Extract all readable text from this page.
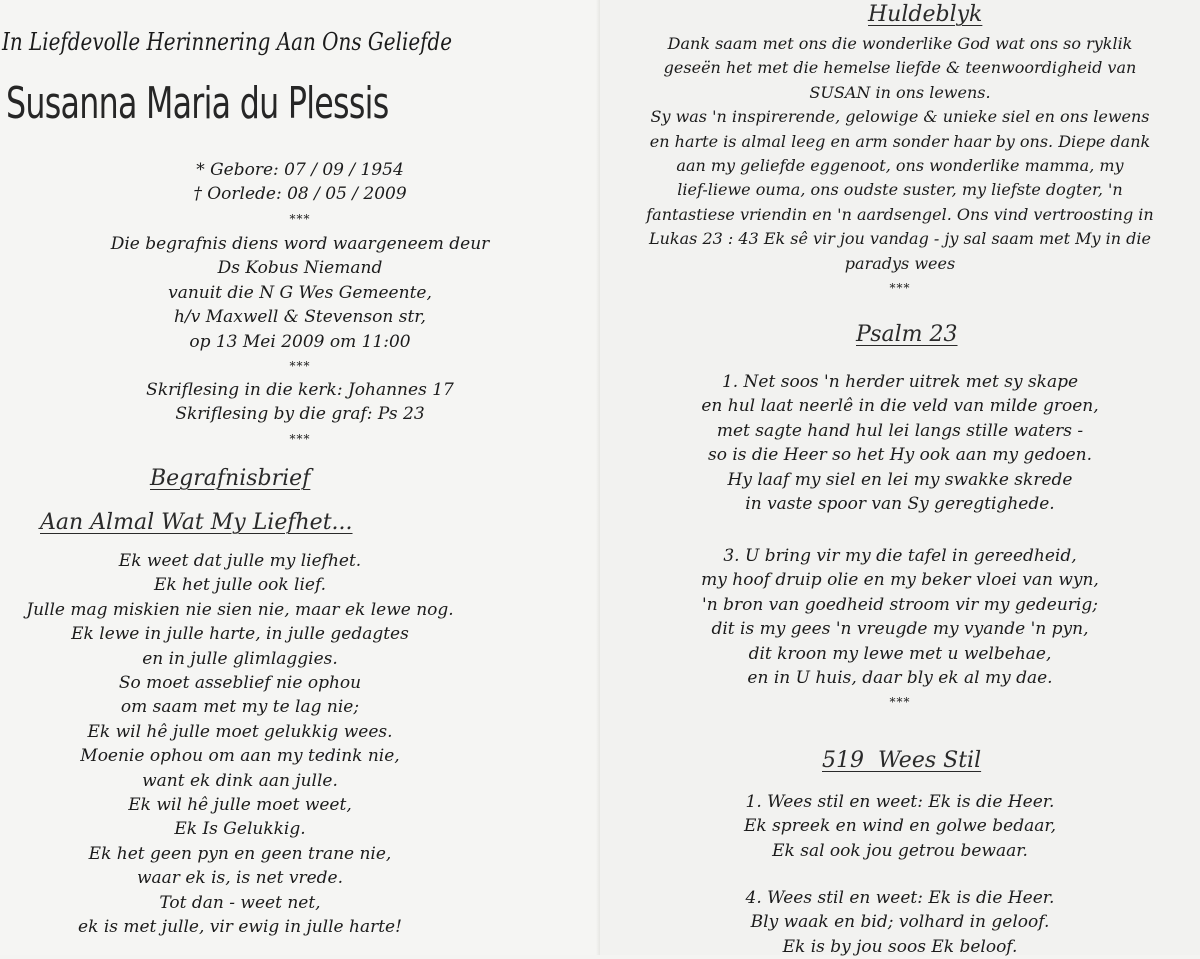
In Liefdevolle Herinnering Aan Ons Geliefde
Susanna Maria du Plessis
* Gebore: 07 / 09 / 1954
† Oorlede: 08 / 05 / 2009
***
Die begrafnis diens word waargeneem deur
Ds Kobus Niemand
vanuit die N G Wes Gemeente,
h/v Maxwell & Stevenson str,
op 13 Mei 2009 om 11:00
***
Skriflesing in die kerk: Johannes 17
Skriflesing by die graf: Ps 23
***
Begrafnisbrief
Aan Almal Wat My Liefhet...
Ek weet dat julle my liefhet.
Ek het julle ook lief.
Julle mag miskien nie sien nie, maar ek lewe nog.
Ek lewe in julle harte, in julle gedagtes
en in julle glimlaggies.
So moet asseblief nie ophou
om saam met my te lag nie;
Ek wil hê julle moet gelukkig wees.
Moenie ophou om aan my tedink nie,
want ek dink aan julle.
Ek wil hê julle moet weet,
Ek Is Gelukkig.
Ek het geen pyn en geen trane nie,
waar ek is, is net vrede.
Tot dan - weet net,
ek is met julle, vir ewig in julle harte!
Huldeblyk
Dank saam met ons die wonderlike God wat ons so ryklik
geseën het met die hemelse liefde & teenwoordigheid van
SUSAN in ons lewens.
Sy was 'n inspirerende, gelowige & unieke siel en ons lewens
en harte is almal leeg en arm sonder haar by ons. Diepe dank
aan my geliefde eggenoot, ons wonderlike mamma, my
lief-liewe ouma, ons oudste suster, my liefste dogter, 'n
fantastiese vriendin en 'n aardsengel. Ons vind vertroosting in
Lukas 23 : 43 Ek sê vir jou vandag - jy sal saam met My in die
paradys wees
***
Psalm 23
1. Net soos 'n herder uitrek met sy skape
en hul laat neerlê in die veld van milde groen,
met sagte hand hul lei langs stille waters -
so is die Heer so het Hy ook aan my gedoen.
Hy laaf my siel en lei my swakke skrede
in vaste spoor van Sy geregtighede.
3. U bring vir my die tafel in gereedheid,
my hoof druip olie en my beker vloei van wyn,
'n bron van goedheid stroom vir my gedeurig;
dit is my gees 'n vreugde my vyande 'n pyn,
dit kroon my lewe met u welbehae,
en in U huis, daar bly ek al my dae.
***
519  Wees Stil
1. Wees stil en weet: Ek is die Heer.
Ek spreek en wind en golwe bedaar,
Ek sal ook jou getrou bewaar.
4. Wees stil en weet: Ek is die Heer.
Bly waak en bid; volhard in geloof.
Ek is by jou soos Ek beloof.
